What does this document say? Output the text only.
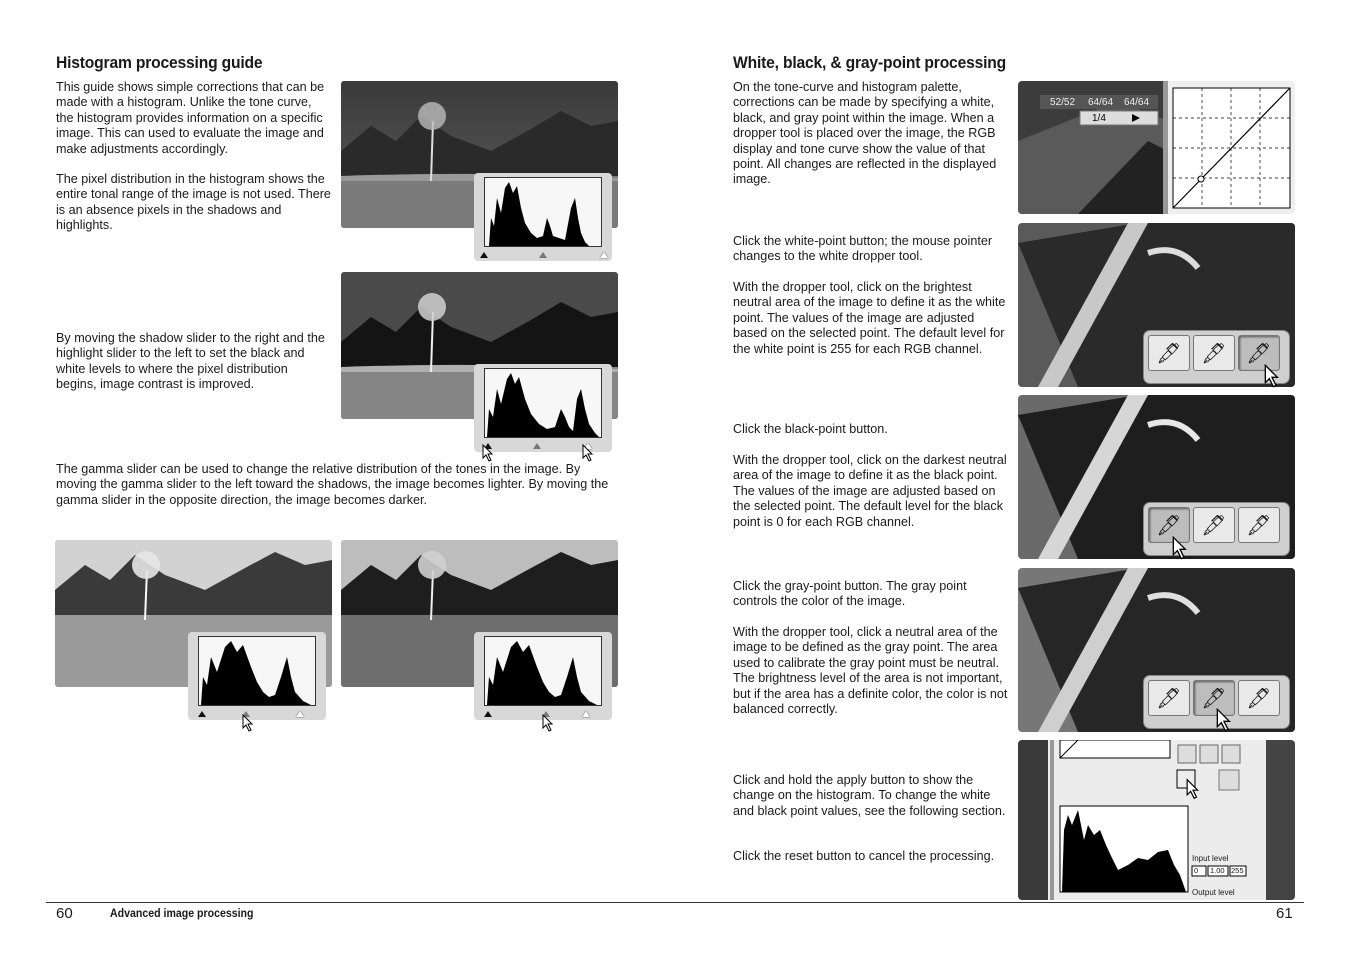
Histogram processing guide

This guide shows simple corrections that can be made with a histogram. Unlike the tone curve, the histogram provides information on a specific image. This can used to evaluate the image and make adjustments accordingly.

The pixel distribution in the histogram shows the entire tonal range of the image is not used. There is an absence pixels in the shadows and highlights.

By moving the shadow slider to the right and the highlight slider to the left to set the black and white levels to where the pixel distribution begins, image contrast is improved.

The gamma slider can be used to change the relative distribution of the tones in the image. By moving the gamma slider to the left toward the shadows, the image becomes lighter. By moving the gamma slider in the opposite direction, the image becomes darker.

White, black, & gray-point processing

On the tone-curve and histogram palette, corrections can be made by specifying a white, black, and gray point within the image. When a dropper tool is placed over the image, the RGB display and tone curve show the value of that point. All changes are reflected in the displayed image.

Click the white-point button; the mouse pointer changes to the white dropper tool.

With the dropper tool, click on the brightest neutral area of the image to define it as the white point. The values of the image are adjusted based on the selected point. The default level for the white point is 255 for each RGB channel.

Click the black-point button.

With the dropper tool, click on the darkest neutral area of the image to define it as the black point. The values of the image are adjusted based on the selected point. The default level for the black point is 0 for each RGB channel.

Click the gray-point button. The gray point controls the color of the image.

With the dropper tool, click a neutral area of the image to be defined as the gray point. The area used to calibrate the gray point must be neutral. The brightness level of the area is not important, but if the area has a definite color, the color is not balanced correctly.

Click and hold the apply button to show the change on the histogram. To change the white and black point values, see the following section.

Click the reset button to cancel the processing.

52/52 64/64 64/64
1/4
🖋 🖋 🖋
🖋 🖋 🖋
🖋 🖋 🖋
Input level
0 1.00 255
Output level
60	Advanced image processing	61
